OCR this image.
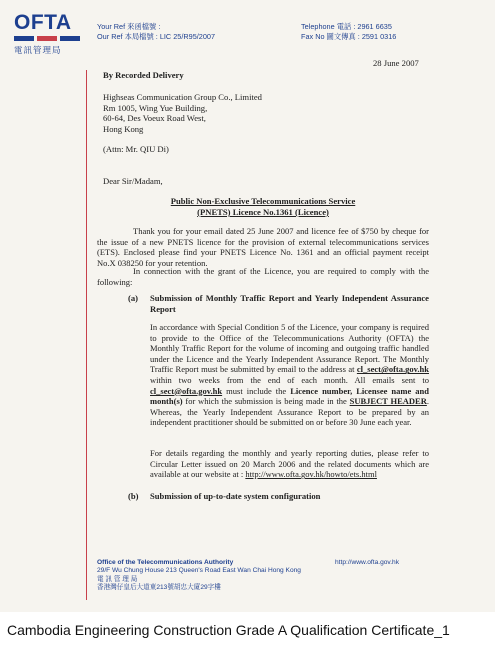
OFTA
電訊管理局
Your Ref 來函檔號 :
Our Ref 本局檔號 : LIC 25/R95/2007
Telephone 電話 : 2961 6635
Fax No 圖文傳真 : 2591 0316
28 June 2007
By Recorded Delivery
Highseas Communication Group Co., Limited
Rm 1005, Wing Yue Building,
60-64, Des Voeux Road West,
Hong Kong
(Attn: Mr. QIU Di)
Dear Sir/Madam,
Public Non-Exclusive Telecommunications Service
(PNETS) Licence No.1361 (Licence)
Thank you for your email dated 25 June 2007 and licence fee of $750 by cheque for the issue of a new PNETS licence for the provision of external telecommunications services (ETS). Enclosed please find your PNETS Licence No. 1361 and an official payment receipt No.X 038250 for your retention.
In connection with the grant of the Licence, you are required to comply with the following:
(a) Submission of Monthly Traffic Report and Yearly Independent Assurance Report
In accordance with Special Condition 5 of the Licence, your company is required to provide to the Office of the Telecommunications Authority (OFTA) the Monthly Traffic Report for the volume of incoming and outgoing traffic handled under the Licence and the Yearly Independent Assurance Report. The Monthly Traffic Report must be submitted by email to the address at cl_sect@ofta.gov.hk within two weeks from the end of each month. All emails sent to cl_sect@ofta.gov.hk must include the Licence number, Licensee name and month(s) for which the submission is being made in the SUBJECT HEADER. Whereas, the Yearly Independent Assurance Report to be prepared by an independent practitioner should be submitted on or before 30 June each year.
For details regarding the monthly and yearly reporting duties, please refer to Circular Letter issued on 20 March 2006 and the related documents which are available at our website at : http://www.ofta.gov.hk/howto/ets.html
(b) Submission of up-to-date system configuration
Office of the Telecommunications Authority
29/F Wu Chung House 213 Queen's Road East Wan Chai Hong Kong
電 訊 管 理 局
香港灣仔皇后大道東213號胡忠大廈29字樓
http://www.ofta.gov.hk
Cambodia Engineering Construction Grade A Qualification Certificate_1
